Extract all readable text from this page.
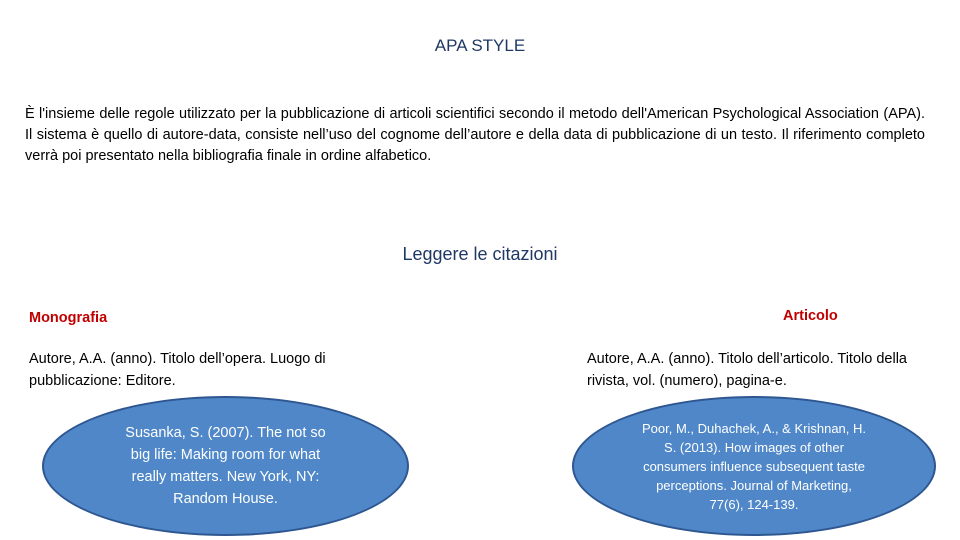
APA STYLE
È l'insieme delle regole utilizzato per la pubblicazione di articoli scientifici secondo il metodo dell'American Psychological Association (APA). Il sistema è quello di autore-data, consiste nell’uso del cognome dell’autore e della data di pubblicazione di un testo. Il riferimento completo verrà poi presentato nella bibliografia finale in ordine alfabetico.
Leggere le citazioni
Monografia	Articolo
Autore, A.A. (anno). Titolo dell’opera. Luogo di pubblicazione: Editore.
Autore, A.A. (anno). Titolo dell’articolo. Titolo della rivista, vol. (numero), pagina-e.
Susanka, S. (2007). The not so big life: Making room for what really matters. New York, NY: Random House.
Poor, M., Duhachek, A., & Krishnan, H. S. (2013). How images of other consumers influence subsequent taste perceptions. Journal of Marketing, 77(6), 124-139.
